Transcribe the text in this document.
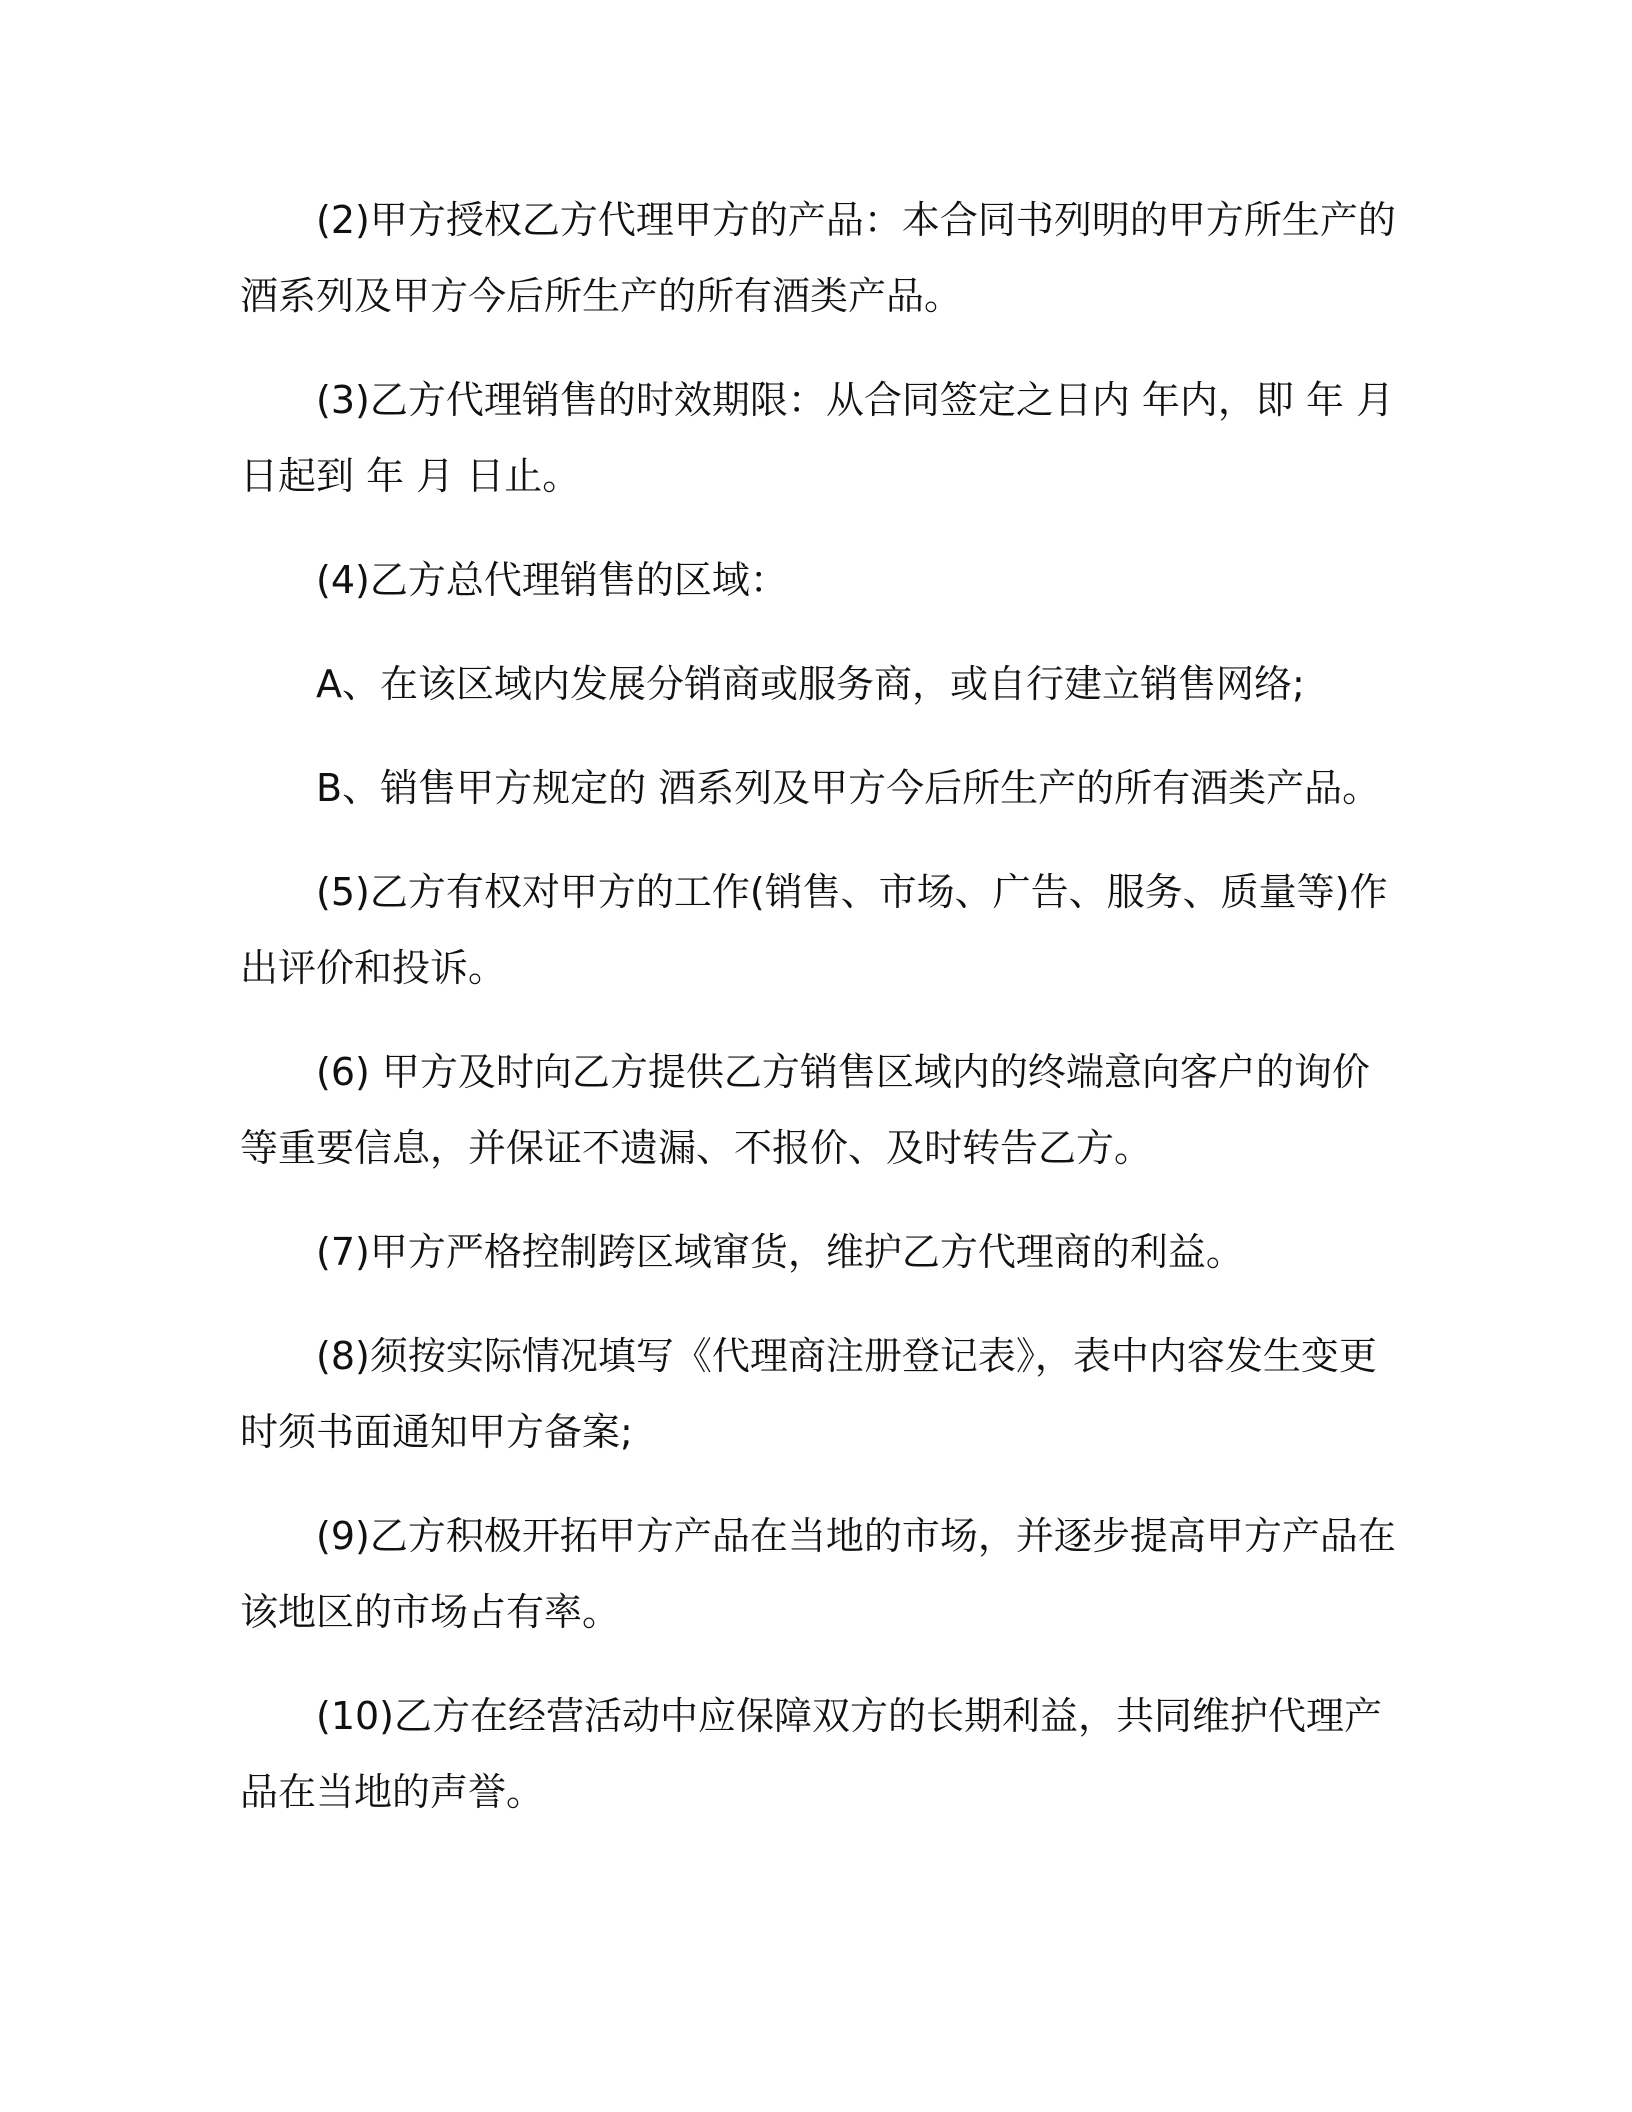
(2)甲方授权乙方代理甲方的产品：本合同书列明的甲方所生产的酒系列及甲方今后所生产的所有酒类产品。

(3)乙方代理销售的时效期限：从合同签定之日内 年内，即 年 月日起到 年 月 日止。

(4)乙方总代理销售的区域：

A、在该区域内发展分销商或服务商，或自行建立销售网络;

B、销售甲方规定的 酒系列及甲方今后所生产的所有酒类产品。

(5)乙方有权对甲方的工作(销售、市场、广告、服务、质量等)作出评价和投诉。

(6) 甲方及时向乙方提供乙方销售区域内的终端意向客户的询价等重要信息，并保证不遗漏、不报价、及时转告乙方。

(7)甲方严格控制跨区域窜货，维护乙方代理商的利益。

(8)须按实际情况填写《代理商注册登记表》，表中内容发生变更时须书面通知甲方备案;

(9)乙方积极开拓甲方产品在当地的市场，并逐步提高甲方产品在该地区的市场占有率。

(10)乙方在经营活动中应保障双方的长期利益，共同维护代理产品在当地的声誉。
